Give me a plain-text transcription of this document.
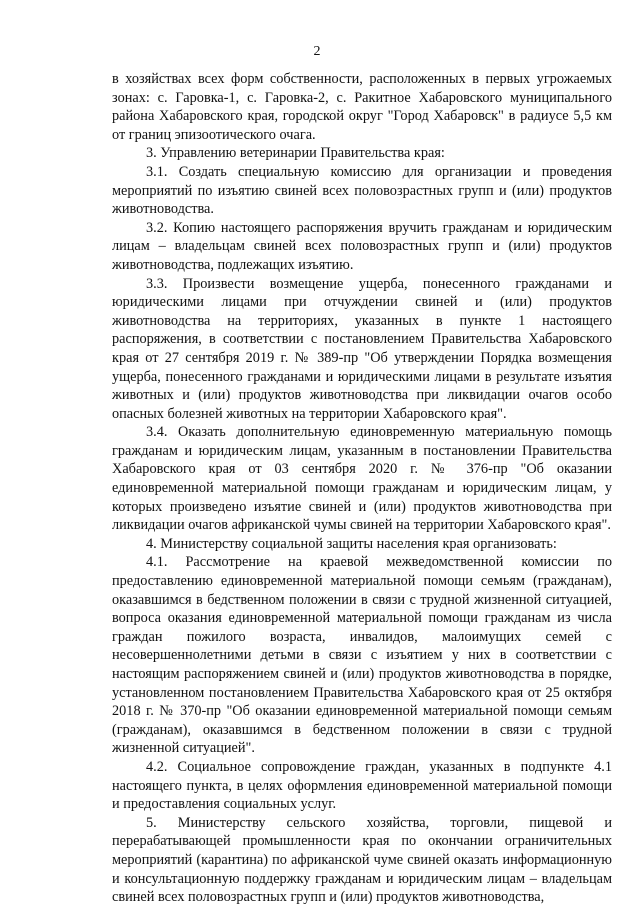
2

в хозяйствах всех форм собственности, расположенных в первых угрожаемых зонах: с. Гаровка-1, с. Гаровка-2, с. Ракитное Хабаровского муниципального района Хабаровского края, городской округ "Город Хабаровск" в радиусе 5,5 км от границ эпизоотического очага.

3. Управлению ветеринарии Правительства края:

3.1. Создать специальную комиссию для организации и проведения мероприятий по изъятию свиней всех половозрастных групп и (или) продуктов животноводства.

3.2. Копию настоящего распоряжения вручить гражданам и юридическим лицам – владельцам свиней всех половозрастных групп и (или) продуктов животноводства, подлежащих изъятию.

3.3. Произвести возмещение ущерба, понесенного гражданами и юридическими лицами при отчуждении свиней и (или) продуктов животноводства на территориях, указанных в пункте 1 настоящего распоряжения, в соответствии с постановлением Правительства Хабаровского края от 27 сентября 2019 г. № 389-пр "Об утверждении Порядка возмещения ущерба, понесенного гражданами и юридическими лицами в результате изъятия животных и (или) продуктов животноводства при ликвидации очагов особо опасных болезней животных на территории Хабаровского края".

3.4. Оказать дополнительную единовременную материальную помощь гражданам и юридическим лицам, указанным в постановлении Правительства Хабаровского края от 03 сентября 2020 г. № 376-пр "Об оказании единовременной материальной помощи гражданам и юридическим лицам, у которых произведено изъятие свиней и (или) продуктов животноводства при ликвидации очагов африканской чумы свиней на территории Хабаровского края".

4. Министерству социальной защиты населения края организовать:

4.1. Рассмотрение на краевой межведомственной комиссии по предоставлению единовременной материальной помощи семьям (гражданам), оказавшимся в бедственном положении в связи с трудной жизненной ситуацией, вопроса оказания единовременной материальной помощи гражданам из числа граждан пожилого возраста, инвалидов, малоимущих семей с несовершеннолетними детьми в связи с изъятием у них в соответствии с настоящим распоряжением свиней и (или) продуктов животноводства в порядке, установленном постановлением Правительства Хабаровского края от 25 октября 2018 г. № 370-пр "Об оказании единовременной материальной помощи семьям (гражданам), оказавшимся в бедственном положении в связи с трудной жизненной ситуацией".

4.2. Социальное сопровождение граждан, указанных в подпункте 4.1 настоящего пункта, в целях оформления единовременной материальной помощи и предоставления социальных услуг.

5. Министерству сельского хозяйства, торговли, пищевой и перерабатывающей промышленности края по окончании ограничительных мероприятий (карантина) по африканской чуме свиней оказать информационную и консультационную поддержку гражданам и юридическим лицам – владельцам свиней всех половозрастных групп и (или) продуктов животноводства,
